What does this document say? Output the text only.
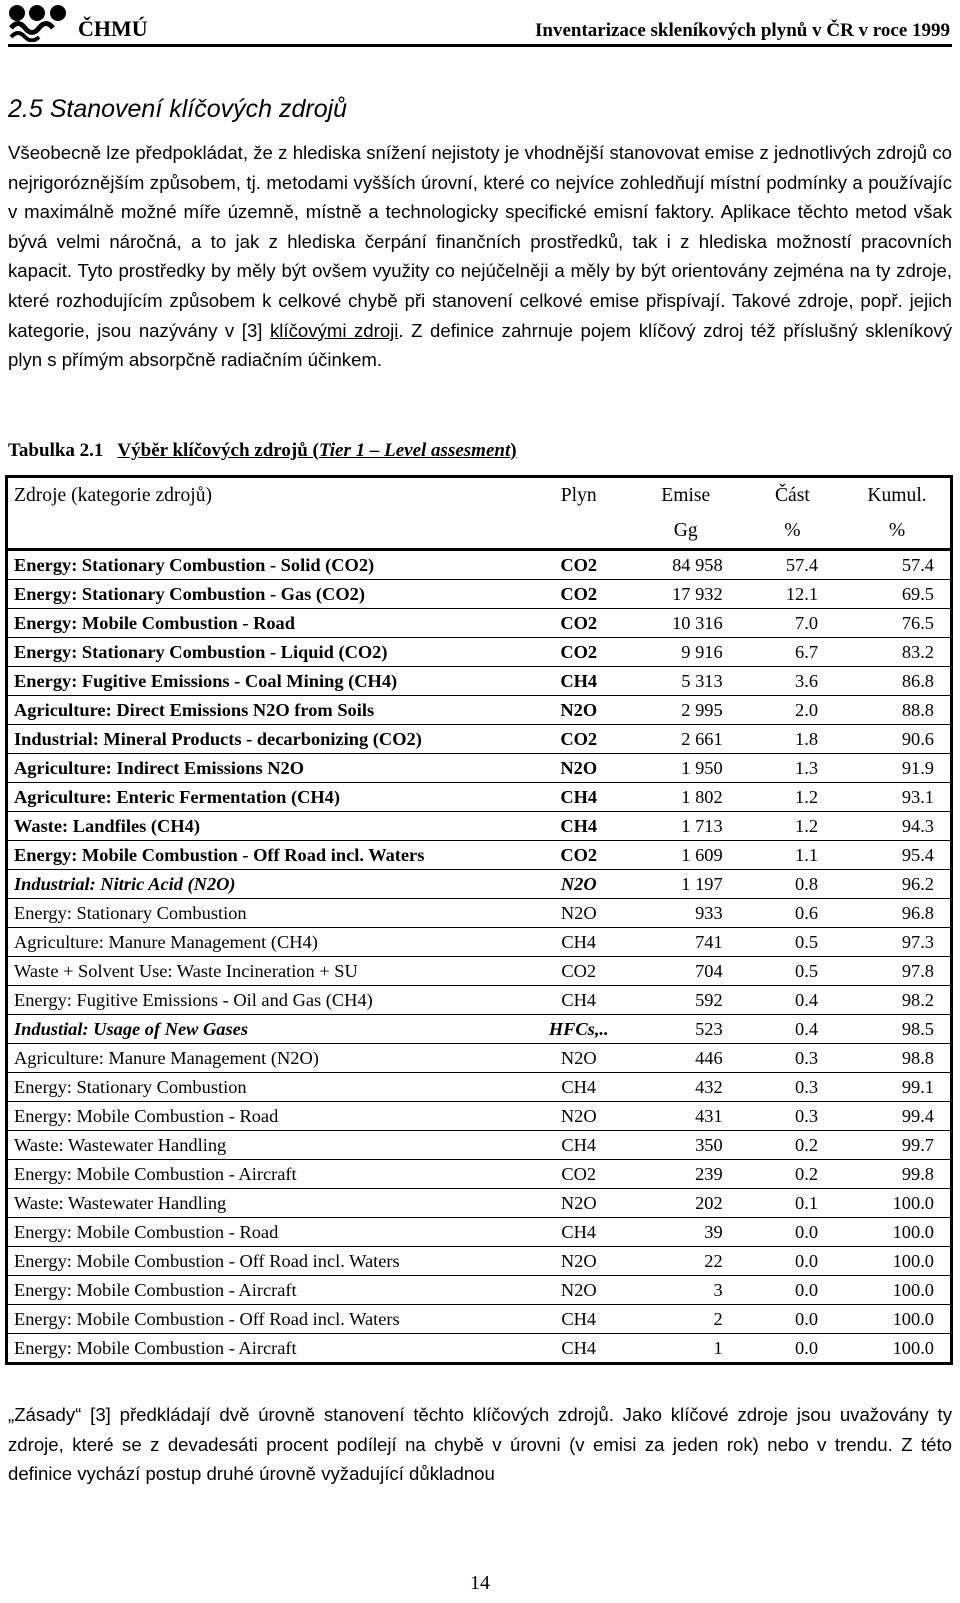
ČHMÚ	Inventarizace skleníkových plynů v ČR v roce 1999
2.5 Stanovení klíčových zdrojů
Všeobecně lze předpokládat, že z hlediska snížení nejistoty je vhodnější stanovovat emise z jednotlivých zdrojů co nejrigoróznějším způsobem, tj. metodami vyšších úrovní, které co nejvíce zohledňují místní podmínky a používajíc v maximálně možné míře územně, místně a technologicky specifické emisní faktory. Aplikace těchto metod však bývá velmi náročná, a to jak z hlediska čerpání finančních prostředků, tak i z hlediska možností pracovních kapacit. Tyto prostředky by měly být ovšem využity co nejúčelněji a měly by být orientovány zejména na ty zdroje, které rozhodujícím způsobem k celkové chybě při stanovení celkové emise přispívají. Takové zdroje, popř. jejich kategorie, jsou nazývány v [3] klíčovými zdroji. Z definice zahrnuje pojem klíčový zdroj též příslušný skleníkový plyn s přímým absorpčně radiačním účinkem.
Tabulka 2.1 Výběr klíčových zdrojů (Tier 1 – Level assesment)
Zdroje (kategorie zdrojů)	Plyn	Emise	Část	Kumul.
		Gg	%	%
Energy: Stationary Combustion - Solid (CO2)	CO2	84 958	57.4	57.4
Energy: Stationary Combustion - Gas (CO2)	CO2	17 932	12.1	69.5
Energy: Mobile Combustion - Road	CO2	10 316	7.0	76.5
Energy: Stationary Combustion - Liquid (CO2)	CO2	9 916	6.7	83.2
Energy: Fugitive Emissions - Coal Mining (CH4)	CH4	5 313	3.6	86.8
Agriculture: Direct Emissions N2O from Soils	N2O	2 995	2.0	88.8
Industrial: Mineral Products - decarbonizing (CO2)	CO2	2 661	1.8	90.6
Agriculture: Indirect Emissions N2O	N2O	1 950	1.3	91.9
Agriculture: Enteric Fermentation (CH4)	CH4	1 802	1.2	93.1
Waste: Landfiles (CH4)	CH4	1 713	1.2	94.3
Energy: Mobile Combustion - Off Road incl. Waters	CO2	1 609	1.1	95.4
Industrial: Nitric Acid (N2O)	N2O	1 197	0.8	96.2
Energy: Stationary Combustion	N2O	933	0.6	96.8
Agriculture: Manure Management (CH4)	CH4	741	0.5	97.3
Waste + Solvent Use: Waste Incineration + SU	CO2	704	0.5	97.8
Energy: Fugitive Emissions - Oil and Gas (CH4)	CH4	592	0.4	98.2
Industial: Usage of New Gases	HFCs,..	523	0.4	98.5
Agriculture: Manure Management (N2O)	N2O	446	0.3	98.8
Energy: Stationary Combustion	CH4	432	0.3	99.1
Energy: Mobile Combustion - Road	N2O	431	0.3	99.4
Waste: Wastewater Handling	CH4	350	0.2	99.7
Energy: Mobile Combustion - Aircraft	CO2	239	0.2	99.8
Waste: Wastewater Handling	N2O	202	0.1	100.0
Energy: Mobile Combustion - Road	CH4	39	0.0	100.0
Energy: Mobile Combustion - Off Road incl. Waters	N2O	22	0.0	100.0
Energy: Mobile Combustion - Aircraft	N2O	3	0.0	100.0
Energy: Mobile Combustion - Off Road incl. Waters	CH4	2	0.0	100.0
Energy: Mobile Combustion - Aircraft	CH4	1	0.0	100.0
„Zásady“ [3] předkládají dvě úrovně stanovení těchto klíčových zdrojů. Jako klíčové zdroje jsou uvažovány ty zdroje, které se z devadesáti procent podílejí na chybě v úrovni (v emisi za jeden rok) nebo v trendu. Z této definice vychází postup druhé úrovně vyžadující důkladnou
14
